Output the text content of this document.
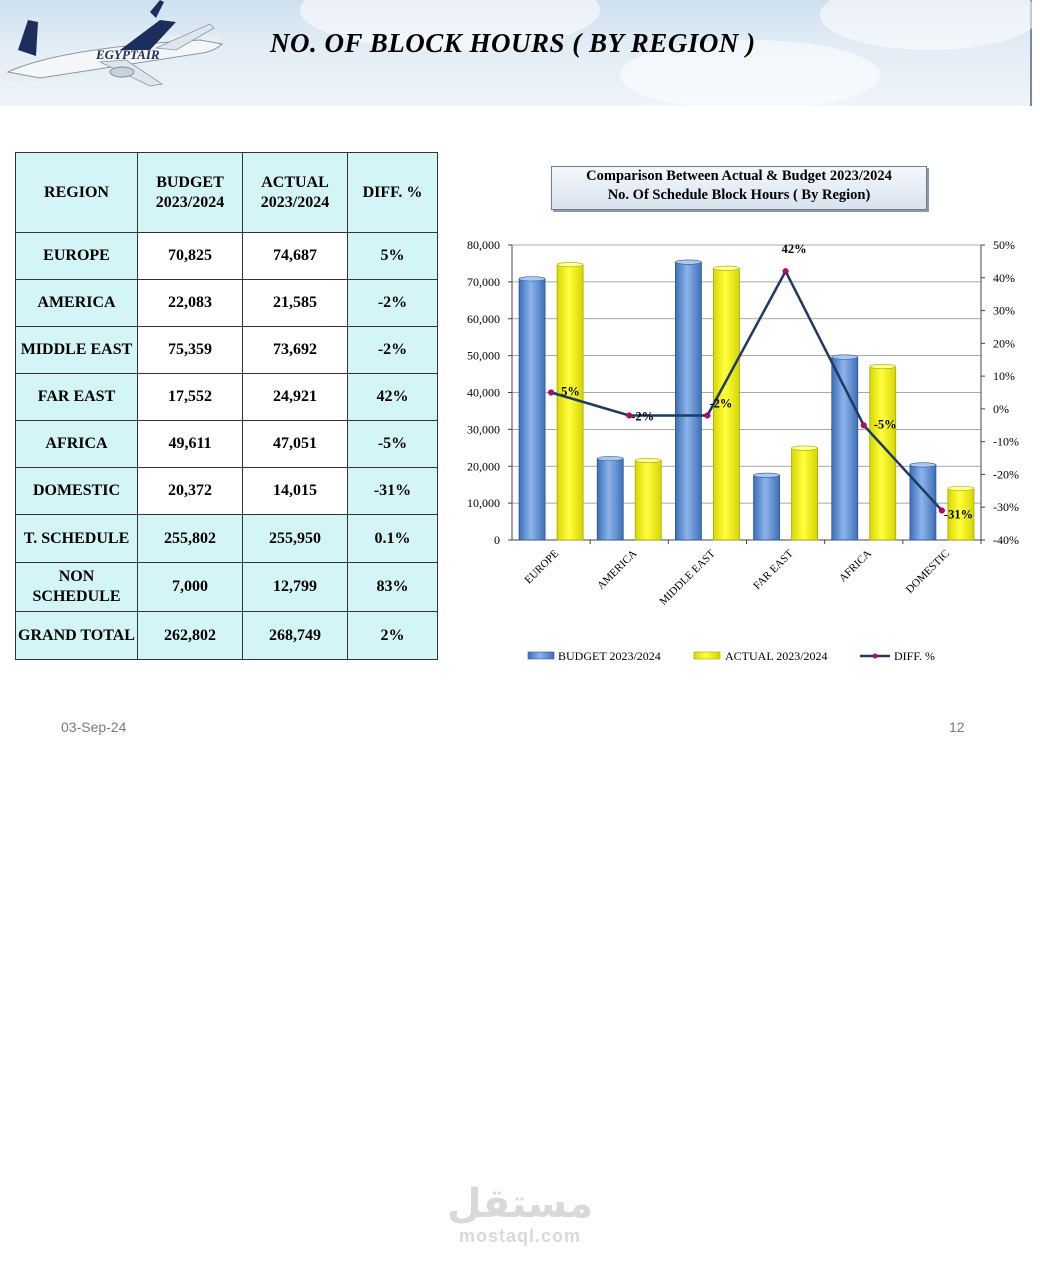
EGYPTAIR	NO. OF BLOCK HOURS ( BY REGION )
REGION	BUDGET 2023/2024	ACTUAL 2023/2024	DIFF. %
EUROPE	70,825	74,687	5%
AMERICA	22,083	21,585	-2%
MIDDLE EAST	75,359	73,692	-2%
FAR EAST	17,552	24,921	42%
AFRICA	49,611	47,051	-5%
DOMESTIC	20,372	14,015	-31%
T. SCHEDULE	255,802	255,950	0.1%
NON SCHEDULE	7,000	12,799	83%
GRAND TOTAL	262,802	268,749	2%
Comparison Between Actual & Budget 2023/2024
No. Of Schedule Block Hours ( By Region)
0
10,000
20,000
30,000
40,000
50,000
60,000
70,000
80,000
-40%
-30%
-20%
-10%
0%
10%
20%
30%
40%
50%
EUROPE	AMERICA MIDDLE EAST	FAR EAST	AFRICA	DOMESTIC
5%
-2%
-2%
42%
-5%
-31%
BUDGET 2023/2024	ACTUAL 2023/2024	DIFF. %
03-Sep-24	12
مستقل
mostaql.com
